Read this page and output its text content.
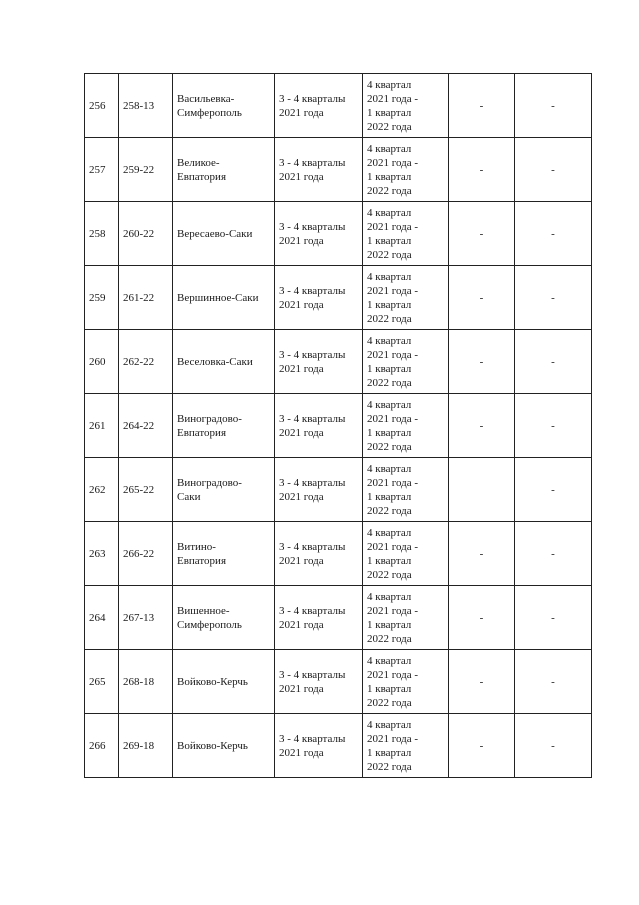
256	258-13	Васильевка-
Симферополь	3 - 4 кварталы
2021 года	4 квартал
2021 года -
1 квартал
2022 года	-	-

257	259-22	Великое-
Евпатория	3 - 4 кварталы
2021 года	4 квартал
2021 года -
1 квартал
2022 года	-	-

258	260-22	Вересаево-Саки	3 - 4 кварталы
2021 года	4 квартал
2021 года -
1 квартал
2022 года	-	-

259	261-22	Вершинное-Саки	3 - 4 кварталы
2021 года	4 квартал
2021 года -
1 квартал
2022 года	-	-

260	262-22	Веселовка-Саки	3 - 4 кварталы
2021 года	4 квартал
2021 года -
1 квартал
2022 года	-	-

261	264-22	Виноградово-
Евпатория	3 - 4 кварталы
2021 года	4 квартал
2021 года -
1 квартал
2022 года	-	-

262	265-22	Виноградово-
Саки	3 - 4 кварталы
2021 года	4 квартал
2021 года -
1 квартал
2022 года		-

263	266-22	Витино-
Евпатория	3 - 4 кварталы
2021 года	4 квартал
2021 года -
1 квартал
2022 года	-	-

264	267-13	Вишенное-
Симферополь	3 - 4 кварталы
2021 года	4 квартал
2021 года -
1 квартал
2022 года	-	-

265	268-18	Войково-Керчь	3 - 4 кварталы
2021 года	4 квартал
2021 года -
1 квартал
2022 года	-	-

266	269-18	Войково-Керчь	3 - 4 кварталы
2021 года	4 квартал
2021 года -
1 квартал
2022 года	-	-
